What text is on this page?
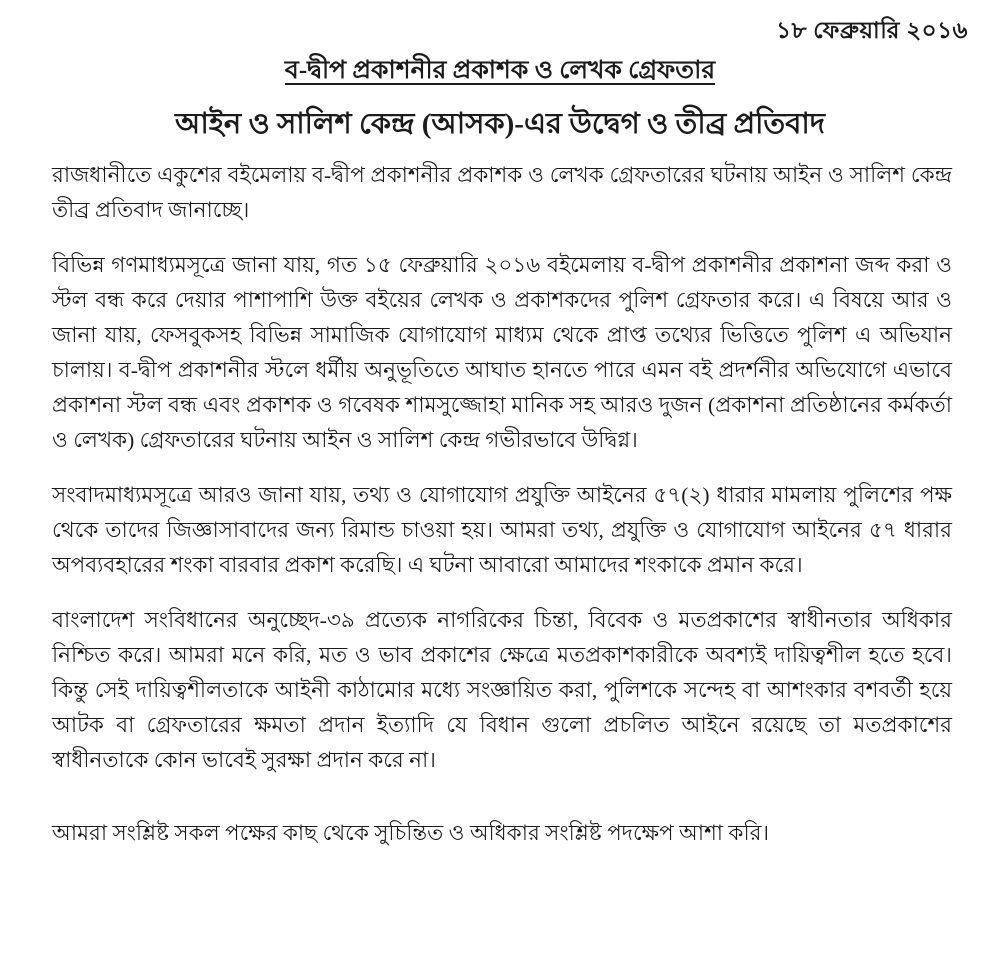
১৮ ফেব্রুয়ারি ২০১৬
ব-দ্বীপ প্রকাশনীর প্রকাশক ও লেখক গ্রেফতার
আইন ও সালিশ কেন্দ্র (আসক)-এর উদ্বেগ ও তীব্র প্রতিবাদ

রাজধানীতে একুশের বইমেলায় ব-দ্বীপ প্রকাশনীর প্রকাশক ও লেখক গ্রেফতারের ঘটনায় আইন ও সালিশ কেন্দ্র তীব্র প্রতিবাদ জানাচ্ছে।

বিভিন্ন গণমাধ্যমসূত্রে জানা যায়, গত ১৫ ফেব্রুয়ারি ২০১৬ বইমেলায় ব-দ্বীপ প্রকাশনীর প্রকাশনা জব্দ করা ও স্টল বন্ধ করে দেয়ার পাশাপাশি উক্ত বইয়ের লেখক ও প্রকাশকদের পুলিশ গ্রেফতার করে। এ বিষয়ে আর ও জানা যায়, ফেসবুকসহ বিভিন্ন সামাজিক যোগাযোগ মাধ্যম থেকে প্রাপ্ত তথ্যের ভিত্তিতে পুলিশ এ অভিযান চালায়। ব-দ্বীপ প্রকাশনীর স্টলে ধর্মীয় অনুভূতিতে আঘাত হানতে পারে এমন বই প্রদর্শনীর অভিযোগে এভাবে প্রকাশনা স্টল বন্ধ এবং প্রকাশক ও গবেষক শামসুজ্জোহা মানিক সহ আরও দুজন (প্রকাশনা প্রতিষ্ঠানের কর্মকর্তা ও লেখক) গ্রেফতারের ঘটনায় আইন ও সালিশ কেন্দ্র গভীরভাবে উদ্বিগ্ন।

সংবাদমাধ্যমসূত্রে আরও জানা যায়, তথ্য ও যোগাযোগ প্রযুক্তি আইনের ৫৭(২) ধারার মামলায় পুলিশের পক্ষ থেকে তাদের জিজ্ঞাসাবাদের জন্য রিমান্ড চাওয়া হয়। আমরা তথ্য, প্রযুক্তি ও যোগাযোগ আইনের ৫৭ ধারার অপব্যবহারের শংকা বারবার প্রকাশ করেছি। এ ঘটনা আবারো আমাদের শংকাকে প্রমান করে।

বাংলাদেশ সংবিধানের অনুচ্ছেদ-৩৯ প্রত্যেক নাগরিকের চিন্তা, বিবেক ও মতপ্রকাশের স্বাধীনতার অধিকার নিশ্চিত করে। আমরা মনে করি, মত ও ভাব প্রকাশের ক্ষেত্রে মতপ্রকাশকারীকে অবশ্যই দায়িত্বশীল হতে হবে। কিন্তু সেই দায়িত্বশীলতাকে আইনী কাঠামোর মধ্যে সংজ্ঞায়িত করা, পুলিশকে সন্দেহ বা আশংকার বশবর্তী হয়ে আটক বা গ্রেফতারের ক্ষমতা প্রদান ইত্যাদি যে বিধান গুলো প্রচলিত আইনে রয়েছে তা মতপ্রকাশের স্বাধীনতাকে কোন ভাবেই সুরক্ষা প্রদান করে না।

আমরা সংশ্লিষ্ট সকল পক্ষের কাছ থেকে সুচিন্তিত ও অধিকার সংশ্লিষ্ট পদক্ষেপ আশা করি।
